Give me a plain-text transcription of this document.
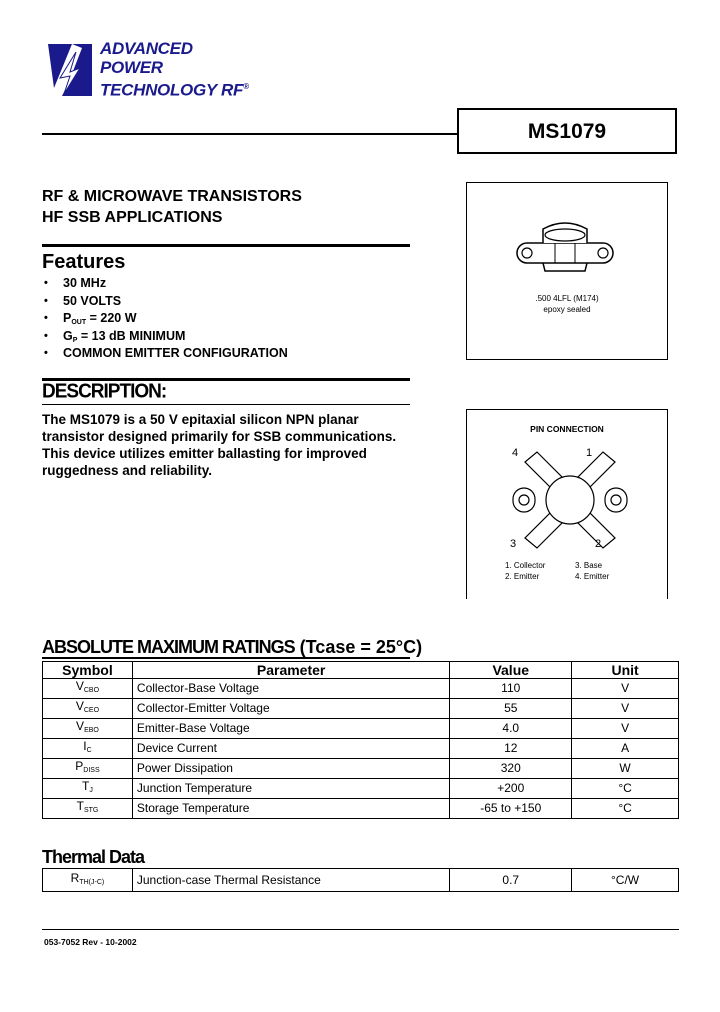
ADVANCED
POWER
TECHNOLOGY RF®
MS1079
RF & MICROWAVE TRANSISTORS
HF SSB APPLICATIONS
Features
• 30 MHz
• 50 VOLTS
• $P_{OUT} = 220$ W
• $G_P = 13$ dB MINIMUM
• COMMON EMITTER CONFIGURATION
.500 4LFL (M174)
epoxy sealed
DESCRIPTION:
The MS1079 is a 50 V epitaxial silicon NPN planar transistor designed primarily for SSB communications. This device utilizes emitter ballasting for improved ruggedness and reliability.
PIN CONNECTION
4	1
3	2
1. Collector	3. Base
2. Emitter	4. Emitter
ABSOLUTE MAXIMUM RATINGS (Tcase = 25°C)
Symbol	Parameter	Value	Unit
$V_{CBO}$	Collector-Base Voltage	110	V
$V_{CEO}$	Collector-Emitter Voltage	55	V
$V_{EBO}$	Emitter-Base Voltage	4.0	V
$I_C$	Device Current	12	A
$P_{DISS}$	Power Dissipation	320	W
$T_J$	Junction Temperature	+200	°C
$T_{STG}$	Storage Temperature	-65 to +150	°C
Thermal Data
$R_{TH(J-C)}$	Junction-case Thermal Resistance	0.7	°C/W
053-7052 Rev - 10-2002
